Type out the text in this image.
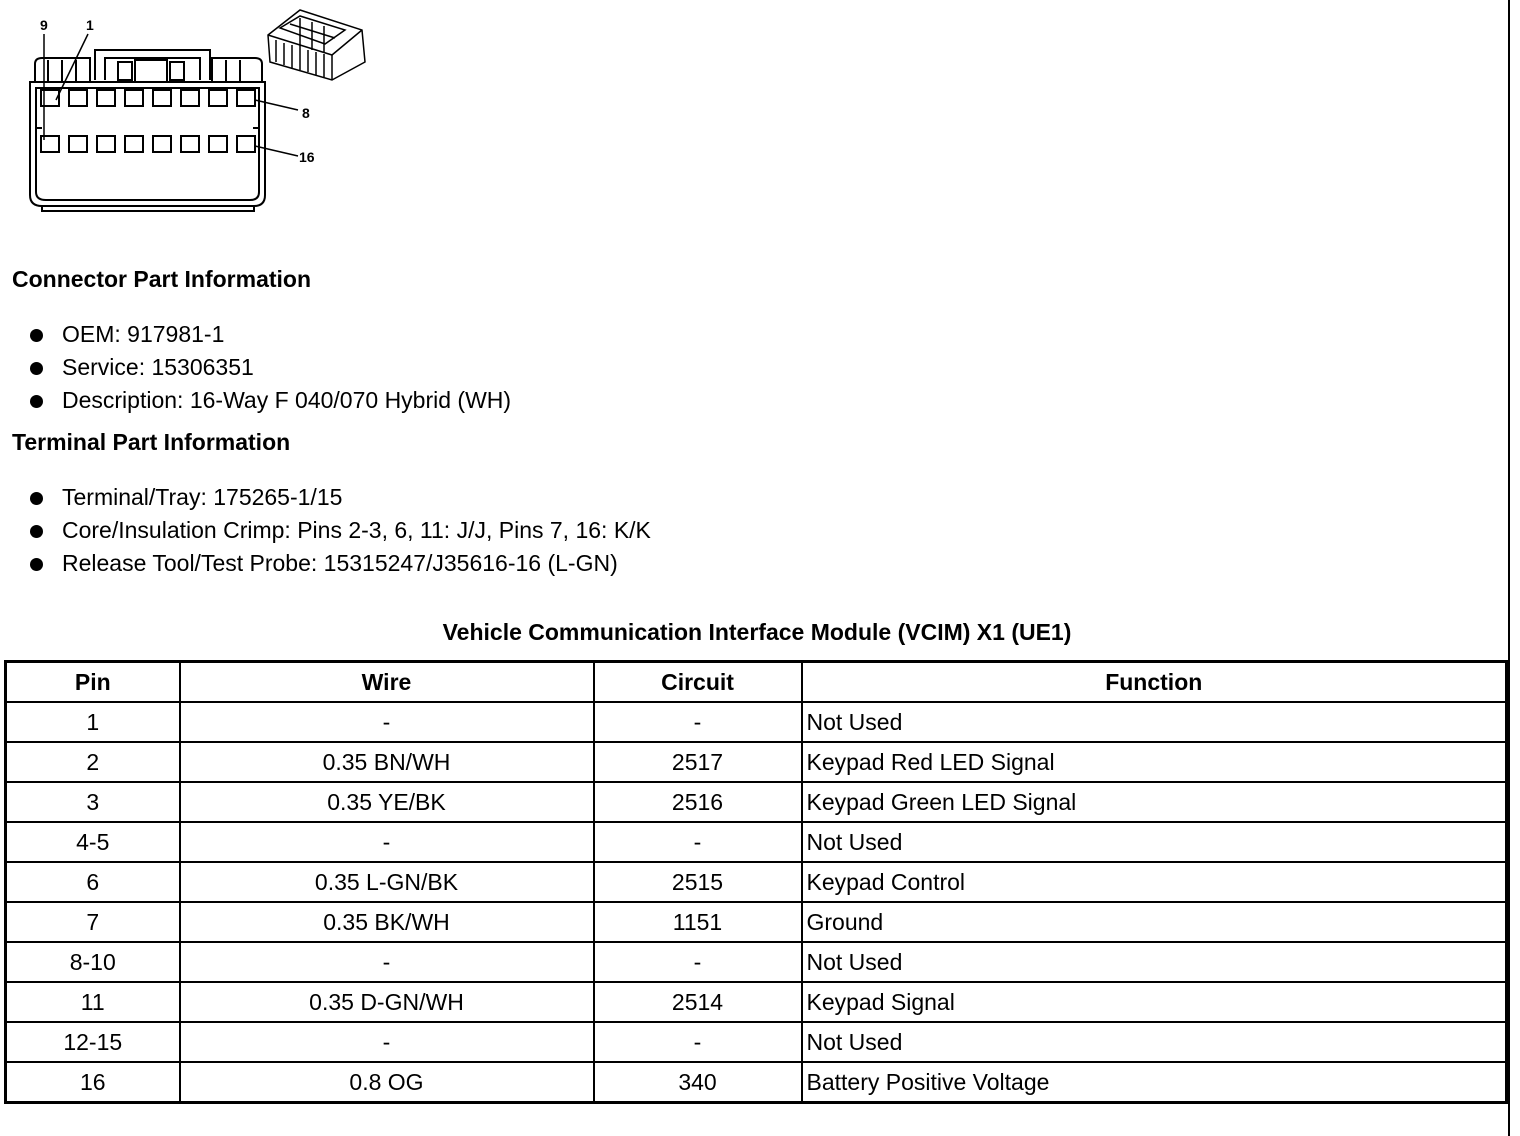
9	1
8
16
Connector Part Information
OEM: 917981-1
Service: 15306351
Description: 16-Way F 040/070 Hybrid (WH)
Terminal Part Information
Terminal/Tray: 175265-1/15
Core/Insulation Crimp: Pins 2-3, 6, 11: J/J, Pins 7, 16: K/K
Release Tool/Test Probe: 15315247/J35616-16 (L-GN)
Vehicle Communication Interface Module (VCIM) X1 (UE1)
Pin	Wire	Circuit	Function
1	-	-	Not Used
2	0.35 BN/WH	2517	Keypad Red LED Signal
3	0.35 YE/BK	2516	Keypad Green LED Signal
4-5	-	-	Not Used
6	0.35 L-GN/BK	2515	Keypad Control
7	0.35 BK/WH	1151	Ground
8-10	-	-	Not Used
11	0.35 D-GN/WH	2514	Keypad Signal
12-15	-	-	Not Used
16	0.8 OG	340	Battery Positive Voltage
